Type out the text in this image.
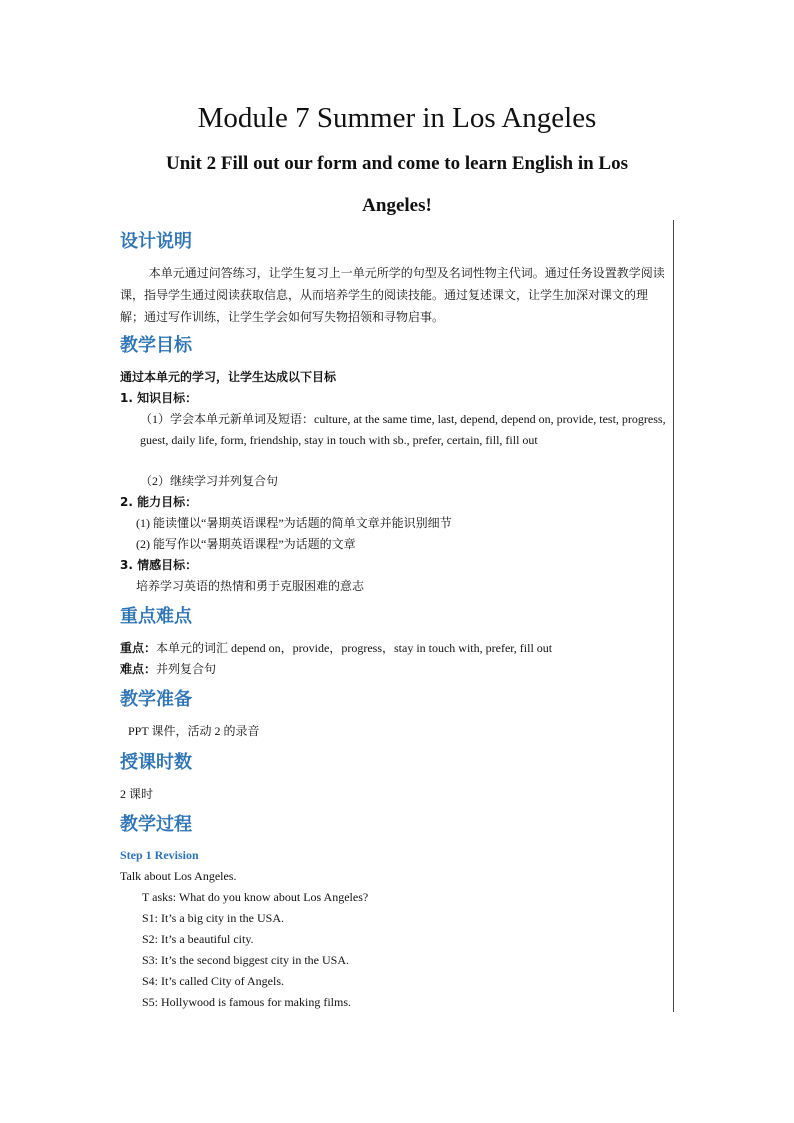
Module 7 Summer in Los Angeles
Unit 2 Fill out our form and come to learn English in Los Angeles!
设计说明
本单元通过问答练习，让学生复习上一单元所学的句型及名词性物主代词。通过任务设置教学阅读课，指导学生通过阅读获取信息，从而培养学生的阅读技能。通过复述课文，让学生加深对课文的理解；通过写作训练，让学生学会如何写失物招领和寻物启事。
教学目标
通过本单元的学习，让学生达成以下目标
1. 知识目标：
（1）学会本单元新单词及短语：culture, at the same time, last, depend, depend on, provide, test, progress, guest, daily life, form, friendship, stay in touch with sb., prefer, certain, fill, fill out
（2）继续学习并列复合句
2. 能力目标：
(1) 能读懂以“暑期英语课程”为话题的简单文章并能识别细节
(2) 能写作以“暑期英语课程”为话题的文章
3. 情感目标：
培养学习英语的热情和勇于克服困难的意志
重点难点
重点：本单元的词汇 depend on，provide，progress，stay in touch with, prefer, fill out
难点：并列复合句
教学准备
PPT 课件，活动 2 的录音
授课时数
2 课时
教学过程
Step 1 Revision
Talk about Los Angeles.
T asks: What do you know about Los Angeles?
S1: It’s a big city in the USA.
S2: It’s a beautiful city.
S3: It’s the second biggest city in the USA.
S4: It’s called City of Angels.
S5: Hollywood is famous for making films.
